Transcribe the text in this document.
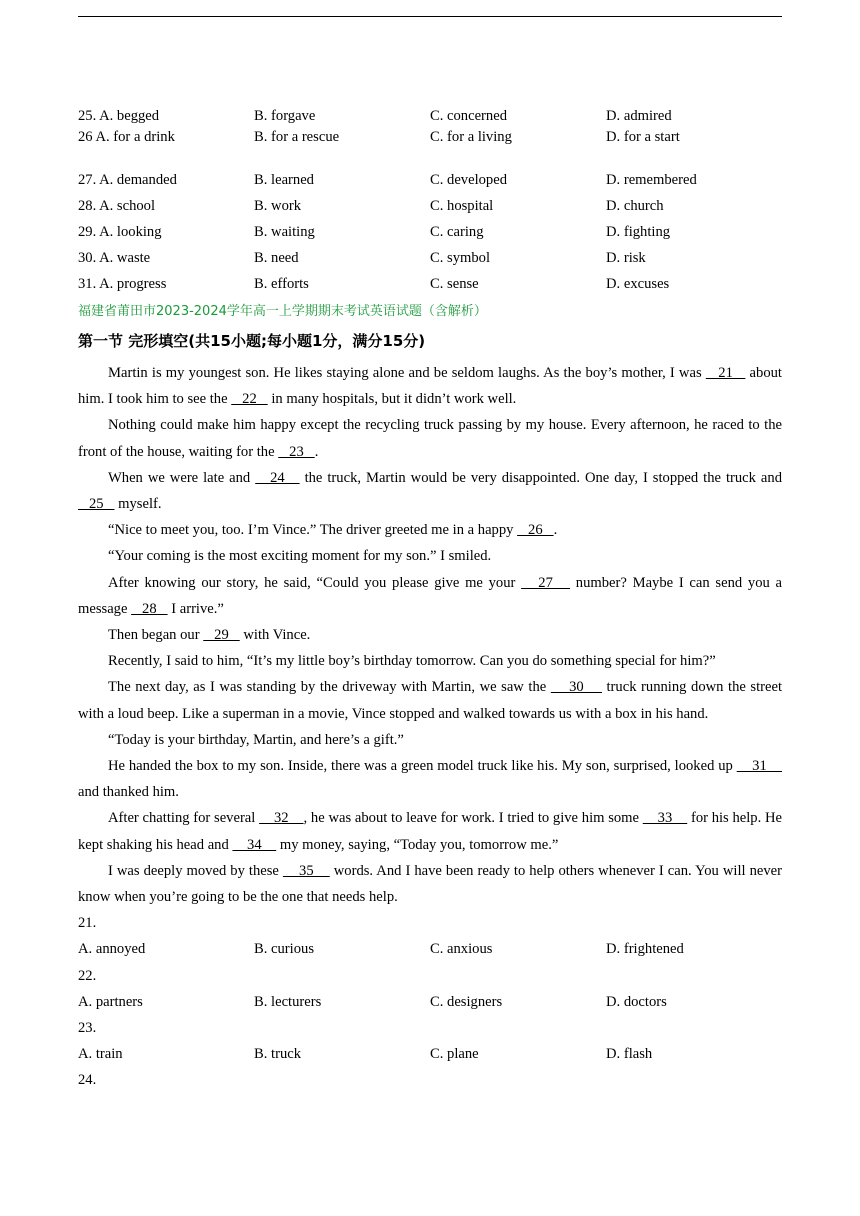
25. A. begged	B. forgave	C. concerned	D. admired
26 A. for a drink	B. for a rescue	C. for a living	D. for a start
27. A. demanded	B. learned	C. developed	D. remembered
28. A. school	B. work	C. hospital	D. church
29. A. looking	B. waiting	C. caring	D. fighting
30. A. waste	B. need	C. symbol	D. risk
31. A. progress	B. efforts	C. sense	D. excuses
福建省莆田市2023-2024学年高一上学期期末考试英语试题（含解析）
第一节 完形填空(共15小题;每小题1分，满分15分)

Martin is my youngest son. He likes staying alone and be seldom laughs. As the boy’s mother, I was    21    about him. I took him to see the    22    in many hospitals, but it didn’t work well.

Nothing could make him happy except the recycling truck passing by my house. Every afternoon, he raced to the front of the house, waiting for the    23   .

When we were late and    24    the truck, Martin would be very disappointed. One day, I stopped the truck and    25    myself.

“Nice to meet you, too. I’m Vince.” The driver greeted me in a happy    26   .

“Your coming is the most exciting moment for my son.” I smiled.

After knowing our story, he said, “Could you please give me your    27    number? Maybe I can send you a message    28    I arrive.”

Then began our    29    with Vince.

Recently, I said to him, “It’s my little boy’s birthday tomorrow. Can you do something special for him?”

The next day, as I was standing by the driveway with Martin, we saw the     30     truck running down the street with a loud beep. Like a superman in a movie, Vince stopped and walked towards us with a box in his hand.

“Today is your birthday, Martin, and here’s a gift.”

He handed the box to my son. Inside, there was a green model truck like his. My son, surprised, looked up     31     and thanked him.

After chatting for several     32    , he was about to leave for work. I tried to give him some     33     for his help. He kept shaking his head and     34     my money, saying, “Today you, tomorrow me.”

I was deeply moved by these     35     words. And I have been ready to help others whenever I can. You will never know when you’re going to be the one that needs help.

21.
A. annoyed	B. curious	C. anxious	D. frightened
22.
A. partners	B. lecturers	C. designers	D. doctors
23.
A. train	B. truck	C. plane	D. flash
24.
